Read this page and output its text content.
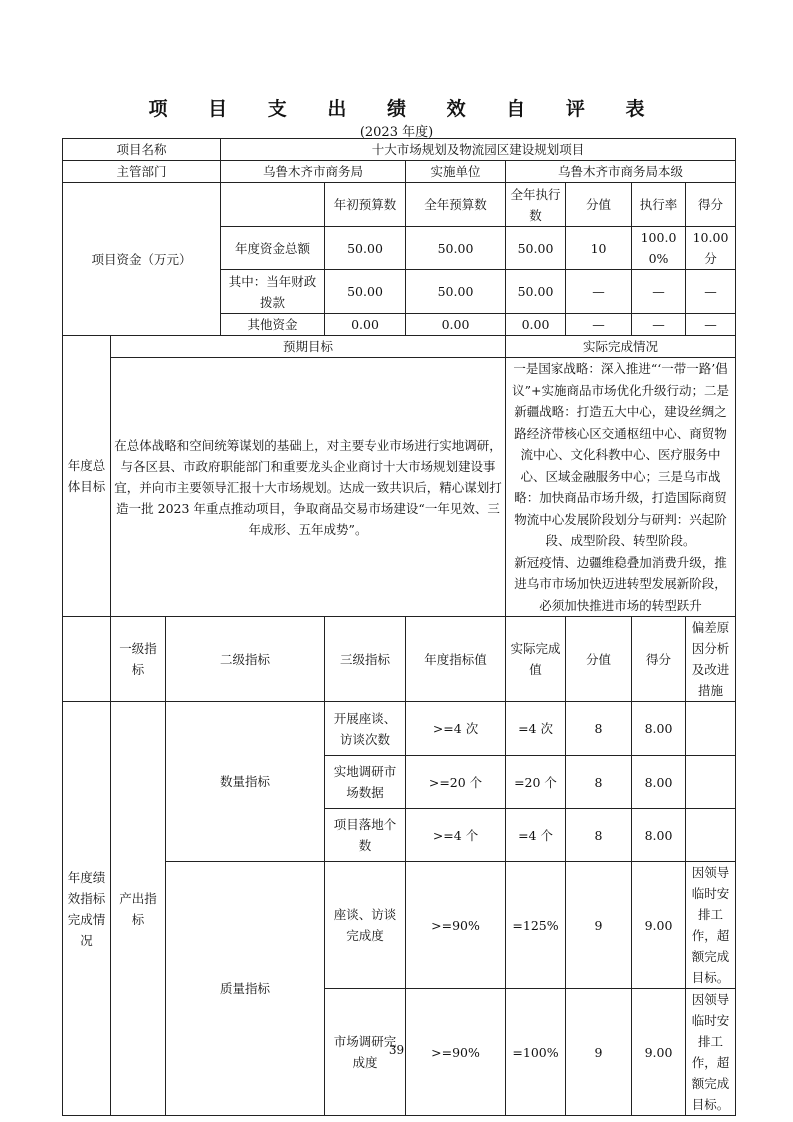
项 目 支 出 绩 效 自 评 表
(2023 年度)
项目名称			十大市场规划及物流园区建设规划项目						
主管部门			乌鲁木齐市商务局		实施单位	乌鲁木齐市商务局本级			
项目资金（万元）				年初预算数	全年预算数	全年执行数	分值	执行率	得分
			年度资金总额	50.00	50.00	50.00	10	100.00%	10.00 分
			其中：当年财政拨款	50.00	50.00	50.00	—	—	—
			其他资金	0.00	0.00	0.00	—	—	—
年度总体目标	预期目标					实际完成情况			
	在总体战略和空间统筹谋划的基础上，对主要专业市场进行实地调研，与各区县、市政府职能部门和重要龙头企业商讨十大市场规划建设事宜，并向市主要领导汇报十大市场规划。达成一致共识后，精心谋划打造一批 2023 年重点推动项目，争取商品交易市场建设“一年见效、三年成形、五年成势”。					一是国家战略：深入推进“‘一带一路’倡议”+实施商品市场优化升级行动；二是新疆战略：打造五大中心，建设丝绸之路经济带核心区交通枢纽中心、商贸物流中心、文化科教中心、医疗服务中心、区域金融服务中心；三是乌市战略：加快商品市场升级，打造国际商贸物流中心发展阶段划分与研判：兴起阶段、成型阶段、转型阶段。
新冠疫情、边疆维稳叠加消费升级，推进乌市市场加快迈进转型发展新阶段，必须加快推进市场的转型跃升			

	一级指标	二级指标		三级指标	年度指标值	实际完成值	分值	得分	偏差原因分析及改进措施
年度绩效指标完成情况	产出指标	数量指标		开展座谈、访谈次数	>=4 次	=4 次	8	8.00	
				实地调研市场数据	>=20 个	=20 个	8	8.00	
				项目落地个数	>=4 个	=4 个	8	8.00	
		质量指标		座谈、访谈完成度	>=90%	=125%	9	9.00	因领导临时安排工作，超额完成目标。
				市场调研完成度	>=90%	=100%	9	9.00	因领导临时安排工作，超额完成目标。
39
